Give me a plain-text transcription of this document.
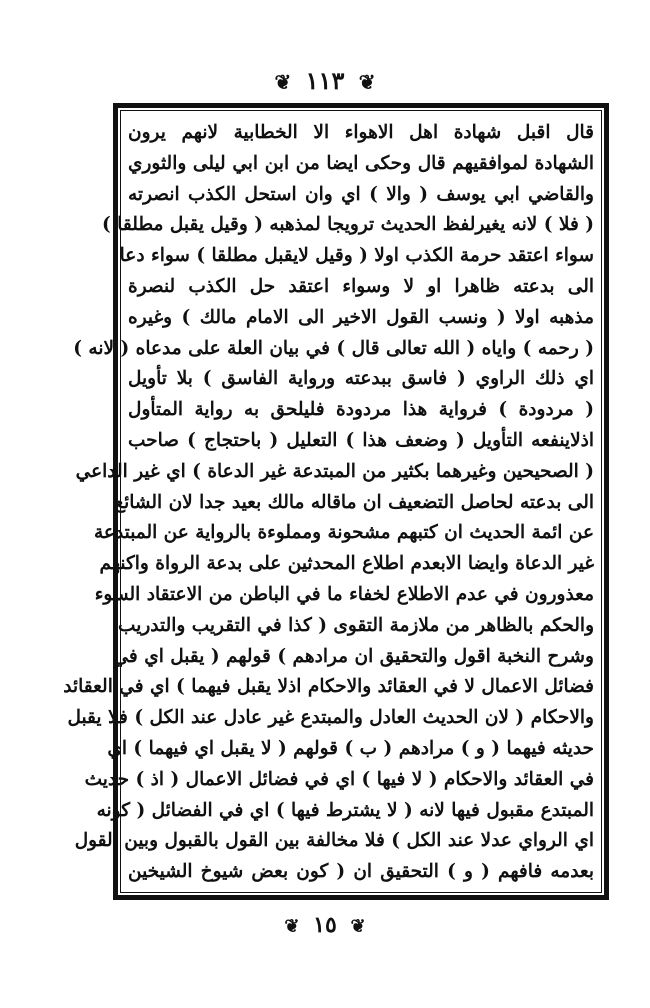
❦ ١١٣ ❦
قال اقبل شهادة اهل الاهواء الا الخطابية لانهم يرون
الشهادة لموافقيهم قال وحكى ايضا من ابن ابي ليلى والثوري
والقاضي ابي يوسف ( والا ) اي وان استحل الكذب انصرته
( فلا ) لانه يغيرلفظ الحديث ترويجا لمذهبه ( وقيل يقبل مطلقا )
سواء اعتقد حرمة الكذب اولا ( وقيل لايقبل مطلقا ) سواء دعا
الى بدعته ظاهرا او لا وسواء اعتقد حل الكذب لنصرة
مذهبه اولا ( ونسب القول الاخير الى الامام مالك ) وغيره
( رحمه ) واياه ( الله تعالى قال ) في بيان العلة على مدعاه ( لانه )
اي ذلك الراوي ( فاسق ببدعته ورواية الفاسق ) بلا تأويل
( مردودة ) فرواية هذا مردودة فليلحق به رواية المتأول
اذلاينفعه التأويل ( وضعف هذا ) التعليل ( باحتجاج ) صاحب
( الصحيحين وغيرهما بكثير من المبتدعة غير الدعاة ) اي غير الداعي
الى بدعته لحاصل التضعيف ان ماقاله مالك بعيد جدا لان الشائع
عن ائمة الحديث ان كتبهم مشحونة ومملوءة بالرواية عن المبتدعة
غير الدعاة وايضا الابعدم اطلاع المحدثين على بدعة الرواة واكنهم
معذورون في عدم الاطلاع لخفاء ما في الباطن من الاعتقاد السوء
والحكم بالظاهر من ملازمة التقوى ( كذا في التقريب والتدريب
وشرح النخبة اقول والتحقيق ان مرادهم ) قولهم ( يقبل اي في
فضائل الاعمال لا في العقائد والاحكام اذلا يقبل فيهما ) اي في العقائد
والاحكام ( لان الحديث العادل والمبتدع غير عادل عند الكل ) فلا يقبل
حديثه فيهما ( و ) مرادهم ( ب ) قولهم ( لا يقبل اي فيهما ) اي
في العقائد والاحكام ( لا فيها ) اي في فضائل الاعمال ( اذ ) حديث
المبتدع مقبول فيها لانه ( لا يشترط فيها ) اي في الفضائل ( كونه
اي الرواي عدلا عند الكل ) فلا مخالفة بين القول بالقبول وبين القول
بعدمه فافهم ( و ) التحقيق ان ( كون بعض شيوخ الشيخين
❦ ١٥ ❦
